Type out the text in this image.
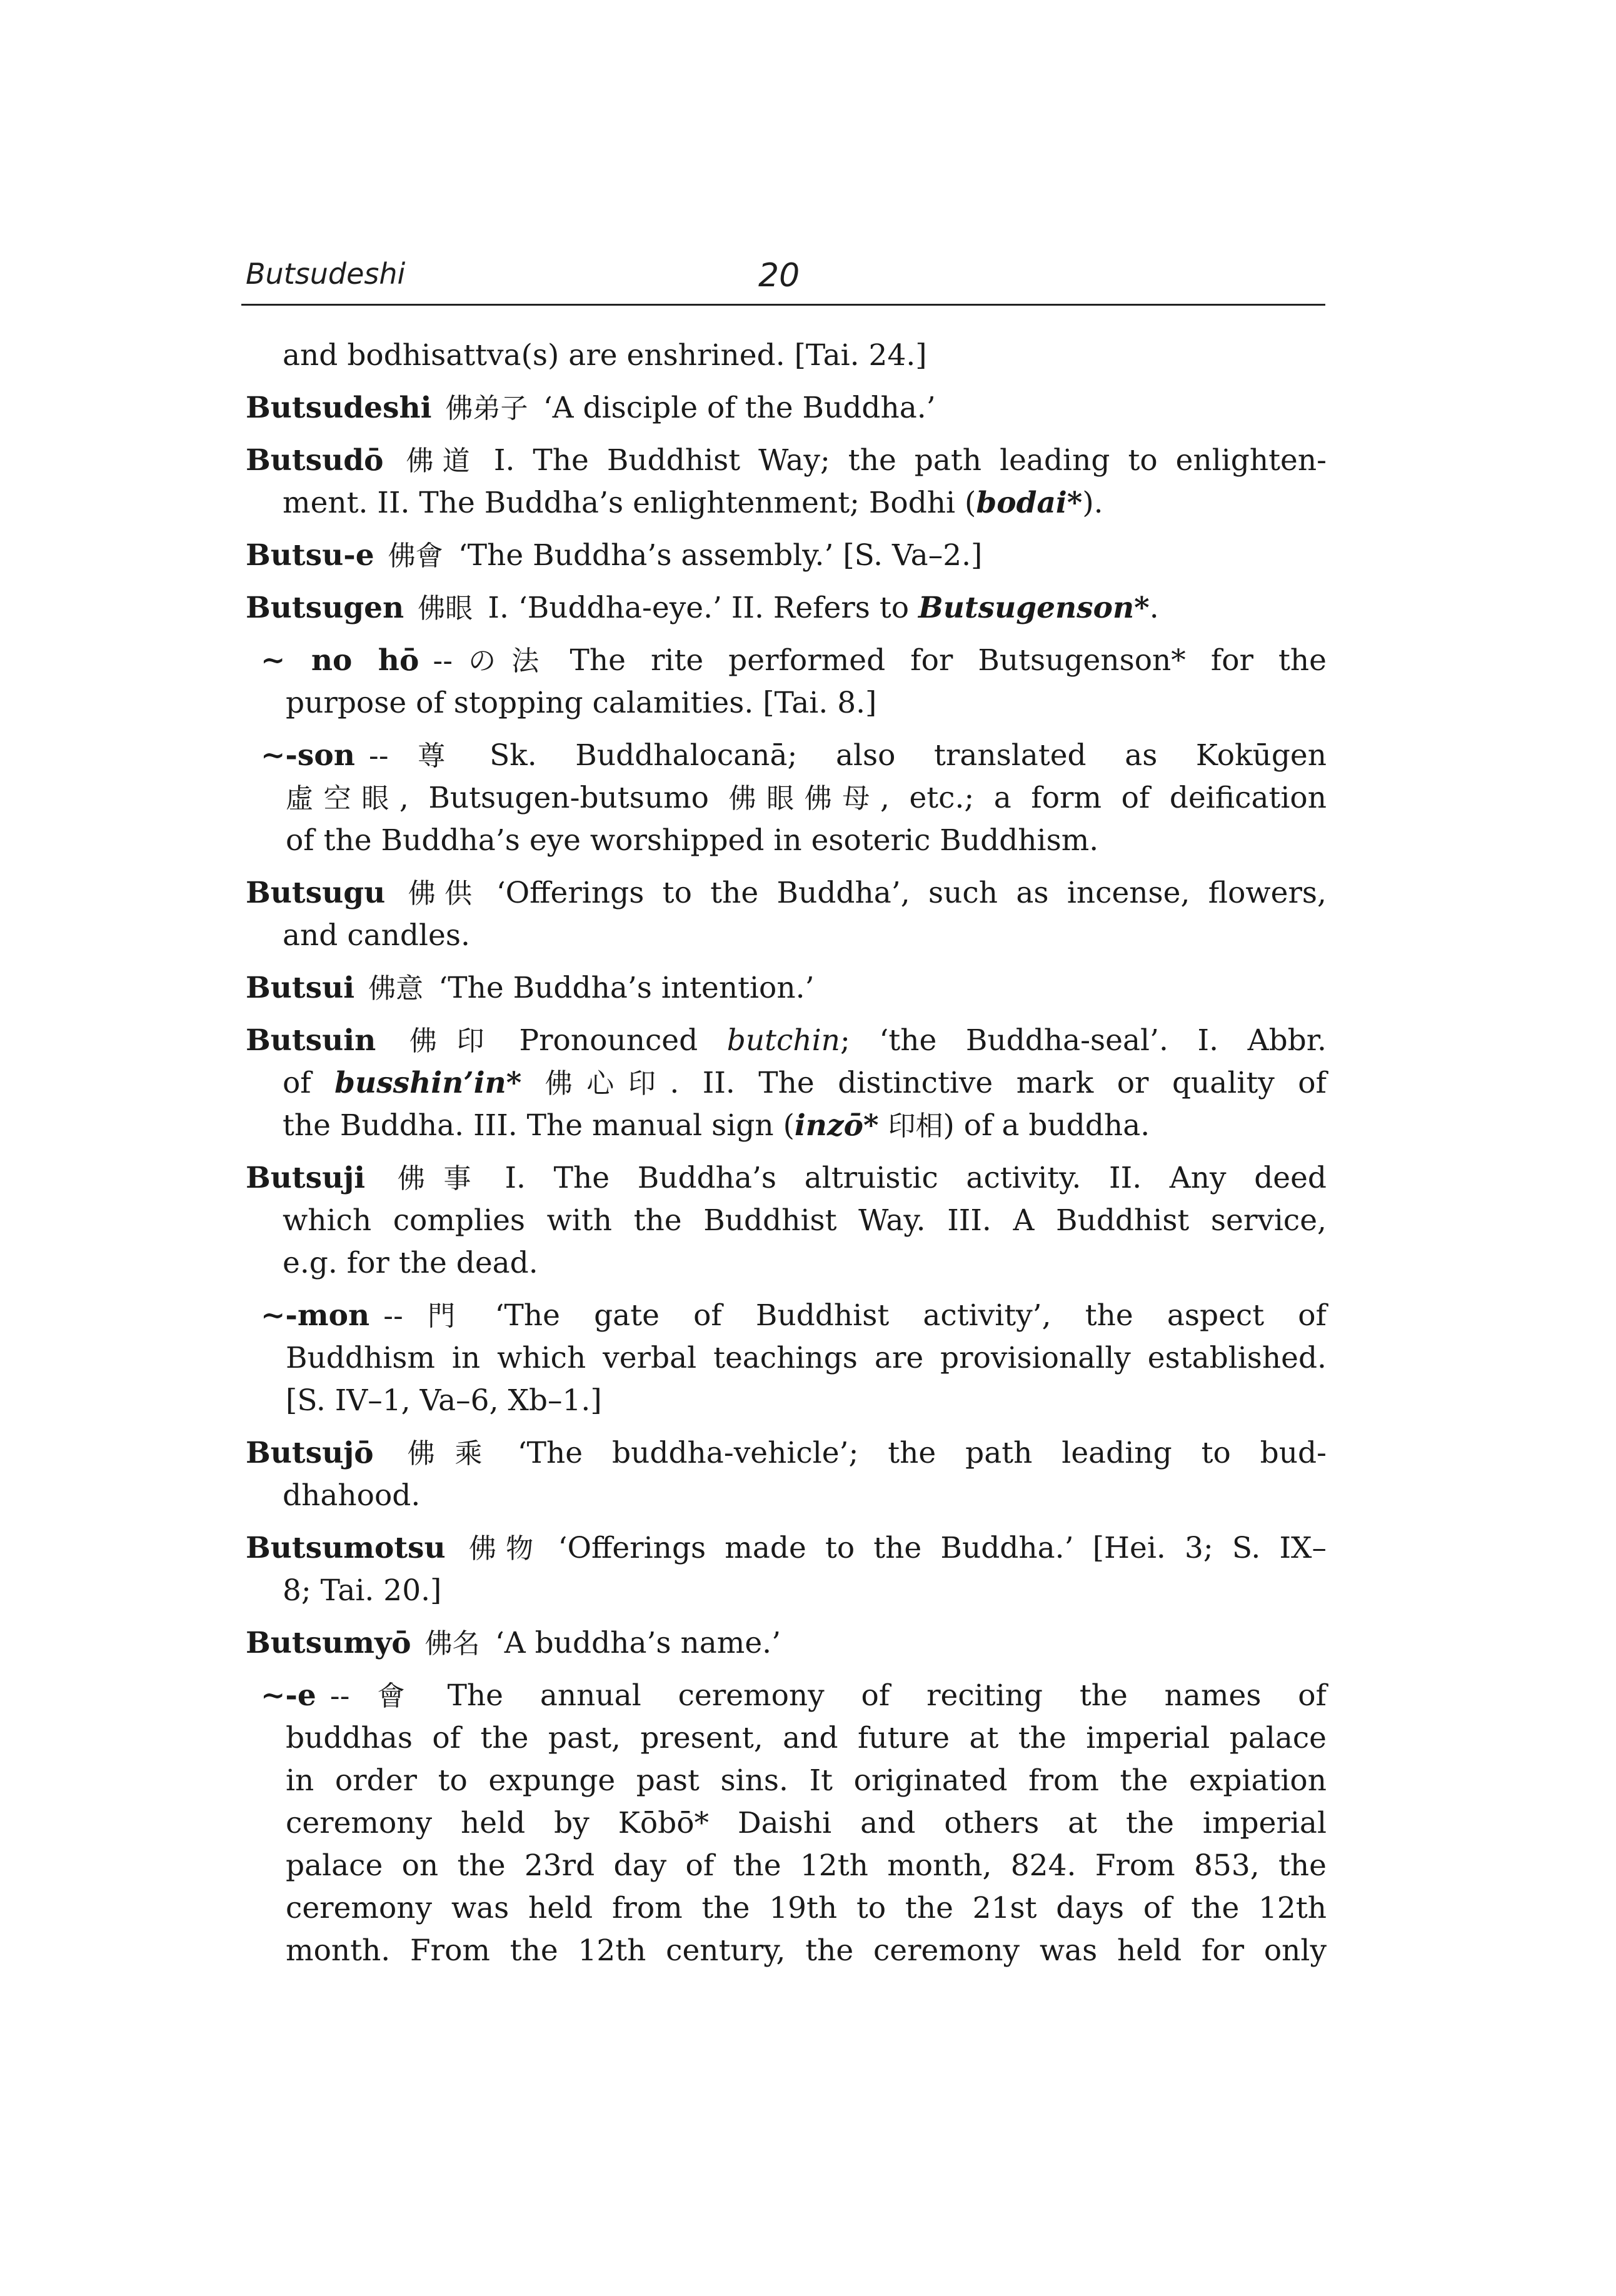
Butsudeshi	20
and bodhisattva(s) are enshrined. [Tai. 24.]
Butsudeshi 佛弟子 ‘A disciple of the Buddha.’
Butsudō 佛道 I. The Buddhist Way; the path leading to enlighten-
ment. II. The Buddha’s enlightenment; Bodhi (bodai*).
Butsu-e 佛會 ‘The Buddha’s assembly.’ [S. Va–2.]
Butsugen 佛眼 I. ‘Buddha-eye.’ II. Refers to Butsugenson*.
∼ no hō --の法 The rite performed for Butsugenson* for the
purpose of stopping calamities. [Tai. 8.]
∼-son --尊 Sk. Buddhalocanā; also translated as Kokūgen
虛空眼, Butsugen-butsumo 佛眼佛母, etc.; a form of deification
of the Buddha’s eye worshipped in esoteric Buddhism.
Butsugu 佛供 ‘Offerings to the Buddha’, such as incense, flowers,
and candles.
Butsui 佛意 ‘The Buddha’s intention.’
Butsuin 佛印 Pronounced butchin; ‘the Buddha-seal’. I. Abbr.
of busshin’in* 佛心印. II. The distinctive mark or quality of
the Buddha. III. The manual sign (inzō* 印相) of a buddha.
Butsuji 佛事 I. The Buddha’s altruistic activity. II. Any deed
which complies with the Buddhist Way. III. A Buddhist service,
e.g. for the dead.
∼-mon --門 ‘The gate of Buddhist activity’, the aspect of
Buddhism in which verbal teachings are provisionally established.
[S. IV–1, Va–6, Xb–1.]
Butsujō 佛乘 ‘The buddha-vehicle’; the path leading to bud-
dhahood.
Butsumotsu 佛物 ‘Offerings made to the Buddha.’ [Hei. 3; S. IX–
8; Tai. 20.]
Butsumyō 佛名 ‘A buddha’s name.’
∼-e --會 The annual ceremony of reciting the names of
buddhas of the past, present, and future at the imperial palace
in order to expunge past sins. It originated from the expiation
ceremony held by Kōbō* Daishi and others at the imperial
palace on the 23rd day of the 12th month, 824. From 853, the
ceremony was held from the 19th to the 21st days of the 12th
month. From the 12th century, the ceremony was held for only
